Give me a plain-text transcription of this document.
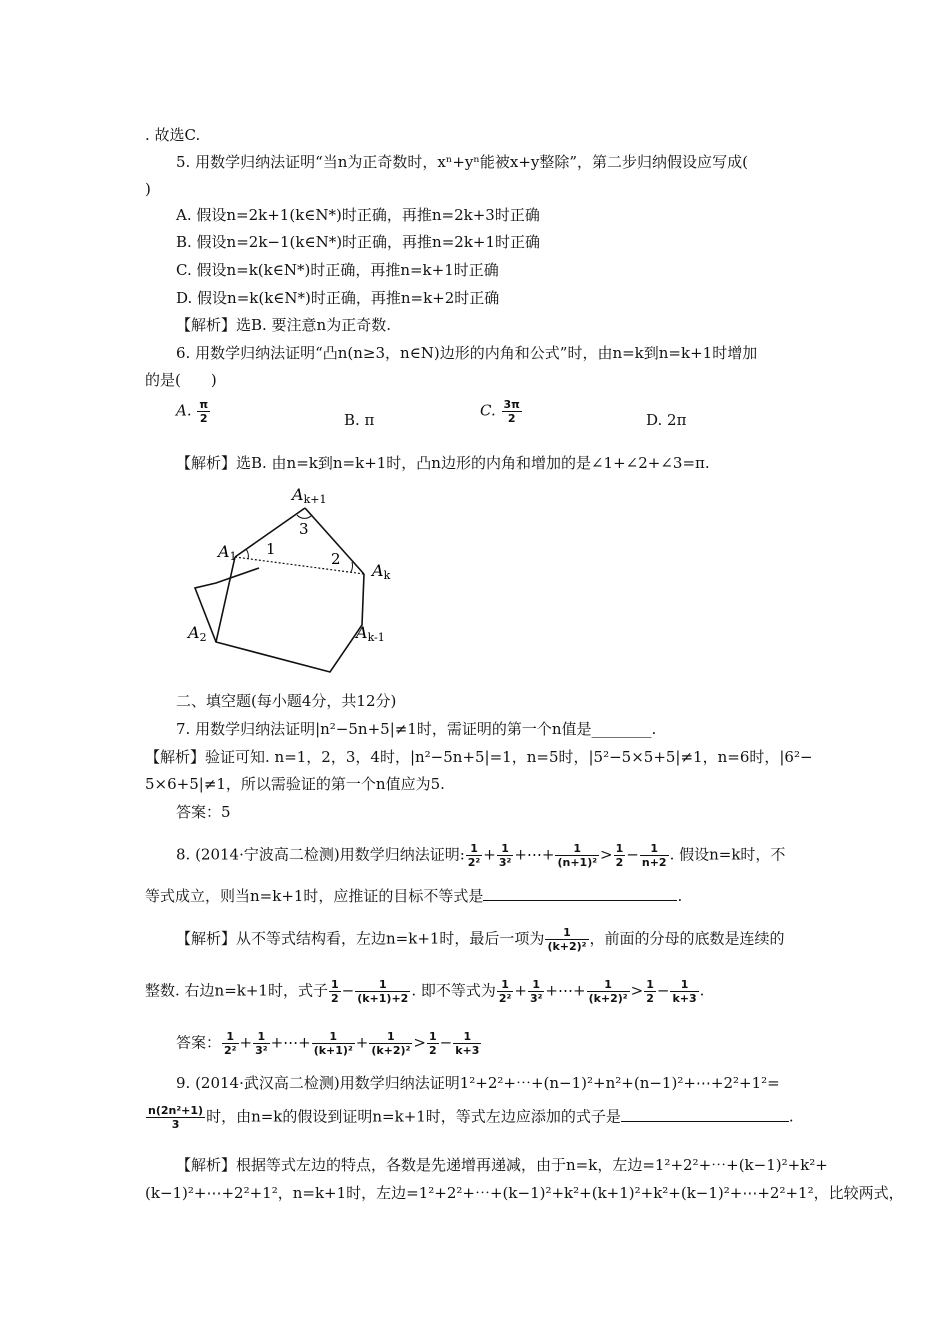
. 故选C.
5. 用数学归纳法证明“当n为正奇数时，xⁿ+yⁿ能被x+y整除”，第二步归纳假设应写成(
)
A. 假设n=2k+1(k∈N*)时正确，再推n=2k+3时正确
B. 假设n=2k−1(k∈N*)时正确，再推n=2k+1时正确
C. 假设n=k(k∈N*)时正确，再推n=k+1时正确
D. 假设n=k(k∈N*)时正确，再推n=k+2时正确
【解析】选B. 要注意n为正奇数.
6. 用数学归纳法证明“凸n(n≥3，n∈N)边形的内角和公式”时，由n=k到n=k+1时增加
的是(　　)
A. $\frac{\pi}{2}$	B. π
C. $\frac{3\pi}{2}$	D. 2π
【解析】选B. 由n=k到n=k+1时，凸n边形的内角和增加的是∠1+∠2+∠3=π.
1
2
3
Ak+1
A1
Ak
A2	Ak-1
二、填空题(每小题4分，共12分)
7. 用数学归纳法证明|n²−5n+5|≠1时，需证明的第一个n值是________.
【解析】验证可知. n=1，2，3，4时，|n²−5n+5|=1，n=5时，|5²−5×5+5|≠1，n=6时，|6²−
5×6+5|≠1，所以需验证的第一个n值应为5.
答案：5
8. (2014·宁波高二检测)用数学归纳法证明: $\frac{1}{\text{2²}} + \frac{1}{\text{3²}}$ +⋯+ $\frac{1}{\text{(n+1)²}} > \frac{1}{2} - \frac{1}{n+2}$ . 假设n=k时，不
等式成立，则当n=k+1时，应推证的目标不等式是	.
【解析】从不等式结构看，左边n=k+1时，最后一项为 $\frac{1}{\text{(k+2)²}}$ ，前面的分母的底数是连续的
整数. 右边n=k+1时，式子 $\frac{1}{2} - \frac{1}{(k+1)+2}$ . 即不等式为 $\frac{1}{\text{2²}} + \frac{1}{\text{3²}}$ +⋯+ $\frac{1}{\text{(k+2)²}} > \frac{1}{2} - \frac{1}{k+3}$ .
答案： $\frac{1}{\text{2²}} + \frac{1}{\text{3²}}$ +⋯+ $\frac{1}{\text{(k+1)²}} + \frac{1}{\text{(k+2)²}} > \frac{1}{2} - \frac{1}{k+3}$
9. (2014·武汉高二检测)用数学归纳法证明1²+2²+⋯+(n−1)²+n²+(n−1)²+⋯+2²+1²=
$\frac{\text{n(2n²+1)}}{3}$ 时，由n=k的假设到证明n=k+1时，等式左边应添加的式子是	.
【解析】根据等式左边的特点，各数是先递增再递减，由于n=k，左边=1²+2²+⋯+(k−1)²+k²+
(k−1)²+⋯+2²+1²，n=k+1时，左边=1²+2²+⋯+(k−1)²+k²+(k+1)²+k²+(k−1)²+⋯+2²+1²，比较两式，
